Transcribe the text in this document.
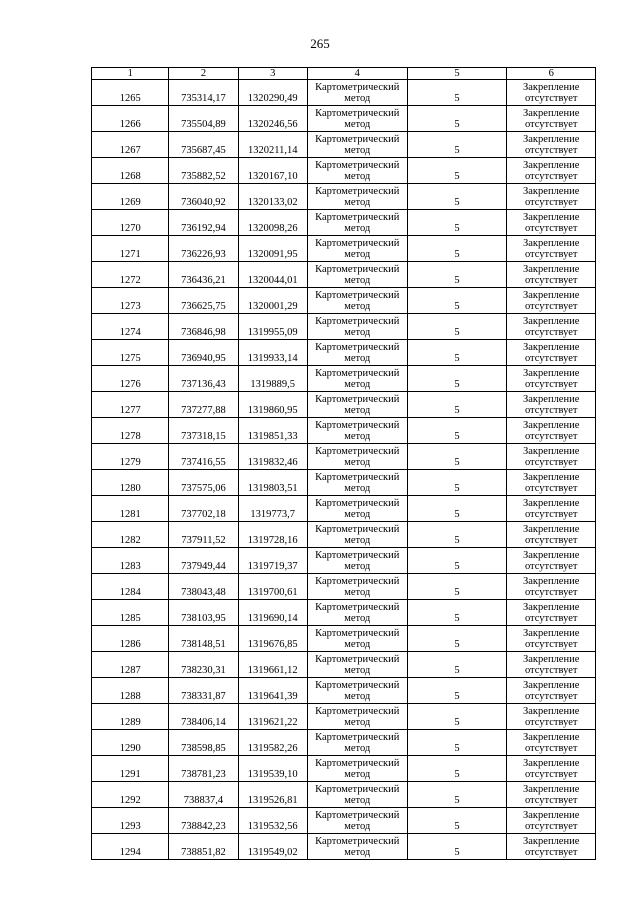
265
1	2	3	4	5	6
1265	735314,17	1320290,49	Картометрический метод	5	Закрепление отсутствует
1266	735504,89	1320246,56	Картометрический метод	5	Закрепление отсутствует
1267	735687,45	1320211,14	Картометрический метод	5	Закрепление отсутствует
1268	735882,52	1320167,10	Картометрический метод	5	Закрепление отсутствует
1269	736040,92	1320133,02	Картометрический метод	5	Закрепление отсутствует
1270	736192,94	1320098,26	Картометрический метод	5	Закрепление отсутствует
1271	736226,93	1320091,95	Картометрический метод	5	Закрепление отсутствует
1272	736436,21	1320044,01	Картометрический метод	5	Закрепление отсутствует
1273	736625,75	1320001,29	Картометрический метод	5	Закрепление отсутствует
1274	736846,98	1319955,09	Картометрический метод	5	Закрепление отсутствует
1275	736940,95	1319933,14	Картометрический метод	5	Закрепление отсутствует
1276	737136,43	1319889,5	Картометрический метод	5	Закрепление отсутствует
1277	737277,88	1319860,95	Картометрический метод	5	Закрепление отсутствует
1278	737318,15	1319851,33	Картометрический метод	5	Закрепление отсутствует
1279	737416,55	1319832,46	Картометрический метод	5	Закрепление отсутствует
1280	737575,06	1319803,51	Картометрический метод	5	Закрепление отсутствует
1281	737702,18	1319773,7	Картометрический метод	5	Закрепление отсутствует
1282	737911,52	1319728,16	Картометрический метод	5	Закрепление отсутствует
1283	737949,44	1319719,37	Картометрический метод	5	Закрепление отсутствует
1284	738043,48	1319700,61	Картометрический метод	5	Закрепление отсутствует
1285	738103,95	1319690,14	Картометрический метод	5	Закрепление отсутствует
1286	738148,51	1319676,85	Картометрический метод	5	Закрепление отсутствует
1287	738230,31	1319661,12	Картометрический метод	5	Закрепление отсутствует
1288	738331,87	1319641,39	Картометрический метод	5	Закрепление отсутствует
1289	738406,14	1319621,22	Картометрический метод	5	Закрепление отсутствует
1290	738598,85	1319582,26	Картометрический метод	5	Закрепление отсутствует
1291	738781,23	1319539,10	Картометрический метод	5	Закрепление отсутствует
1292	738837,4	1319526,81	Картометрический метод	5	Закрепление отсутствует
1293	738842,23	1319532,56	Картометрический метод	5	Закрепление отсутствует
1294	738851,82	1319549,02	Картометрический метод	5	Закрепление отсутствует
